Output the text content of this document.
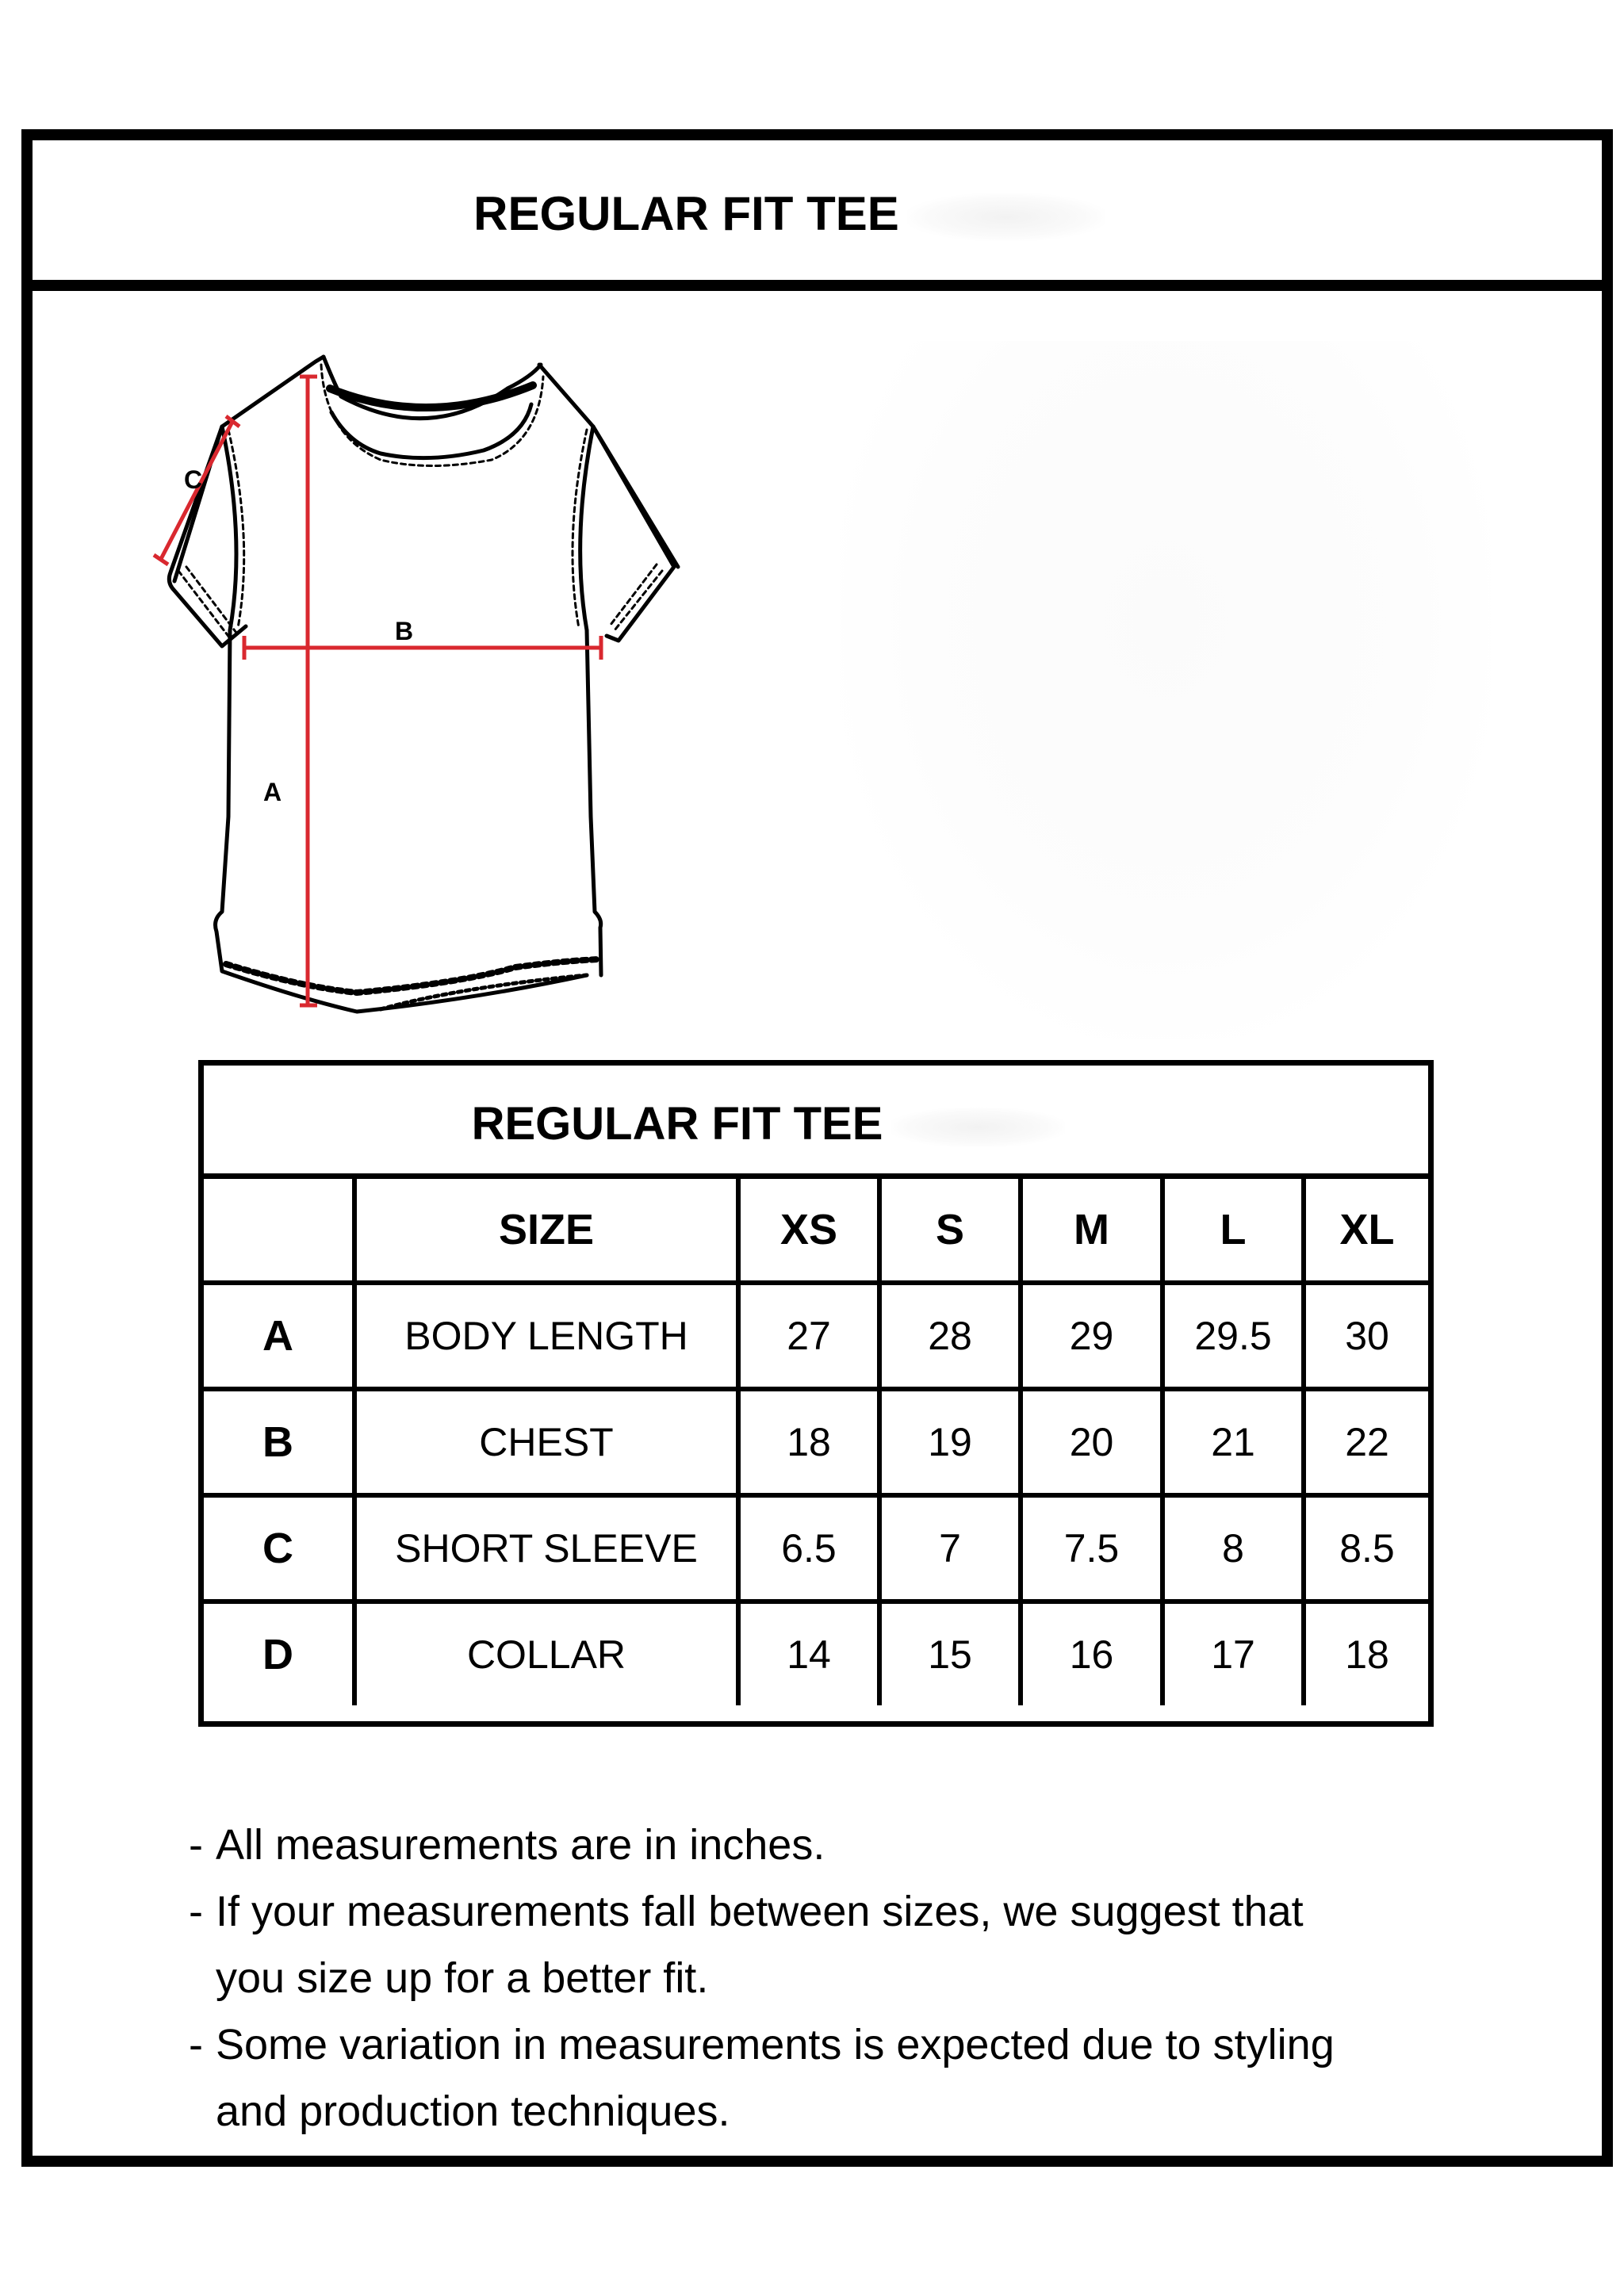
REGULAR FIT TEE
A
B
C
REGULAR FIT TEE
	SIZE	XS	S	M	L	XL
A	BODY LENGTH	27	28	29	29.5	30
B	CHEST	18	19	20	21	22
C	SHORT SLEEVE	6.5	7	7.5	8	8.5
D	COLLAR	14	15	16	17	18
- All measurements are in inches.
- If your measurements fall between sizes, we suggest that you size up for a better fit.
- Some variation in measurements is expected due to styling and production techniques.
